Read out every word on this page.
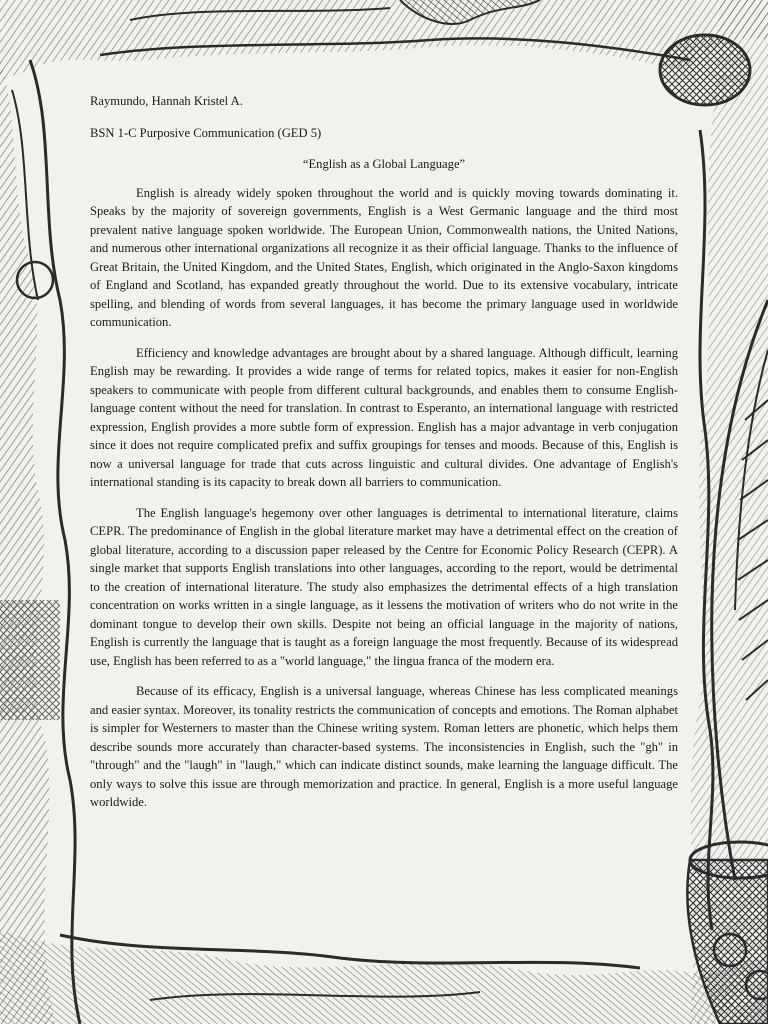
Raymundo, Hannah Kristel A.

BSN 1-C Purposive Communication (GED 5)

“English as a Global Language”

English is already widely spoken throughout the world and is quickly moving towards dominating it. Speaks by the majority of sovereign governments, English is a West Germanic language and the third most prevalent native language spoken worldwide. The European Union, Commonwealth nations, the United Nations, and numerous other international organizations all recognize it as their official language. Thanks to the influence of Great Britain, the United Kingdom, and the United States, English, which originated in the Anglo-Saxon kingdoms of England and Scotland, has expanded greatly throughout the world. Due to its extensive vocabulary, intricate spelling, and blending of words from several languages, it has become the primary language used in worldwide communication.

Efficiency and knowledge advantages are brought about by a shared language. Although difficult, learning English may be rewarding. It provides a wide range of terms for related topics, makes it easier for non-English speakers to communicate with people from different cultural backgrounds, and enables them to consume English-language content without the need for translation. In contrast to Esperanto, an international language with restricted expression, English provides a more subtle form of expression. English has a major advantage in verb conjugation since it does not require complicated prefix and suffix groupings for tenses and moods. Because of this, English is now a universal language for trade that cuts across linguistic and cultural divides. One advantage of English's international standing is its capacity to break down all barriers to communication.

The English language's hegemony over other languages is detrimental to international literature, claims CEPR. The predominance of English in the global literature market may have a detrimental effect on the creation of global literature, according to a discussion paper released by the Centre for Economic Policy Research (CEPR). A single market that supports English translations into other languages, according to the report, would be detrimental to the creation of international literature. The study also emphasizes the detrimental effects of a high translation concentration on works written in a single language, as it lessens the motivation of writers who do not write in the dominant tongue to develop their own skills. Despite not being an official language in the majority of nations, English is currently the language that is taught as a foreign language the most frequently. Because of its widespread use, English has been referred to as a "world language," the lingua franca of the modern era.

Because of its efficacy, English is a universal language, whereas Chinese has less complicated meanings and easier syntax. Moreover, its tonality restricts the communication of concepts and emotions. The Roman alphabet is simpler for Westerners to master than the Chinese writing system. Roman letters are phonetic, which helps them describe sounds more accurately than character-based systems. The inconsistencies in English, such the "gh" in "through" and the "laugh" in "laugh," which can indicate distinct sounds, make learning the language difficult. The only ways to solve this issue are through memorization and practice. In general, English is a more useful language worldwide.
